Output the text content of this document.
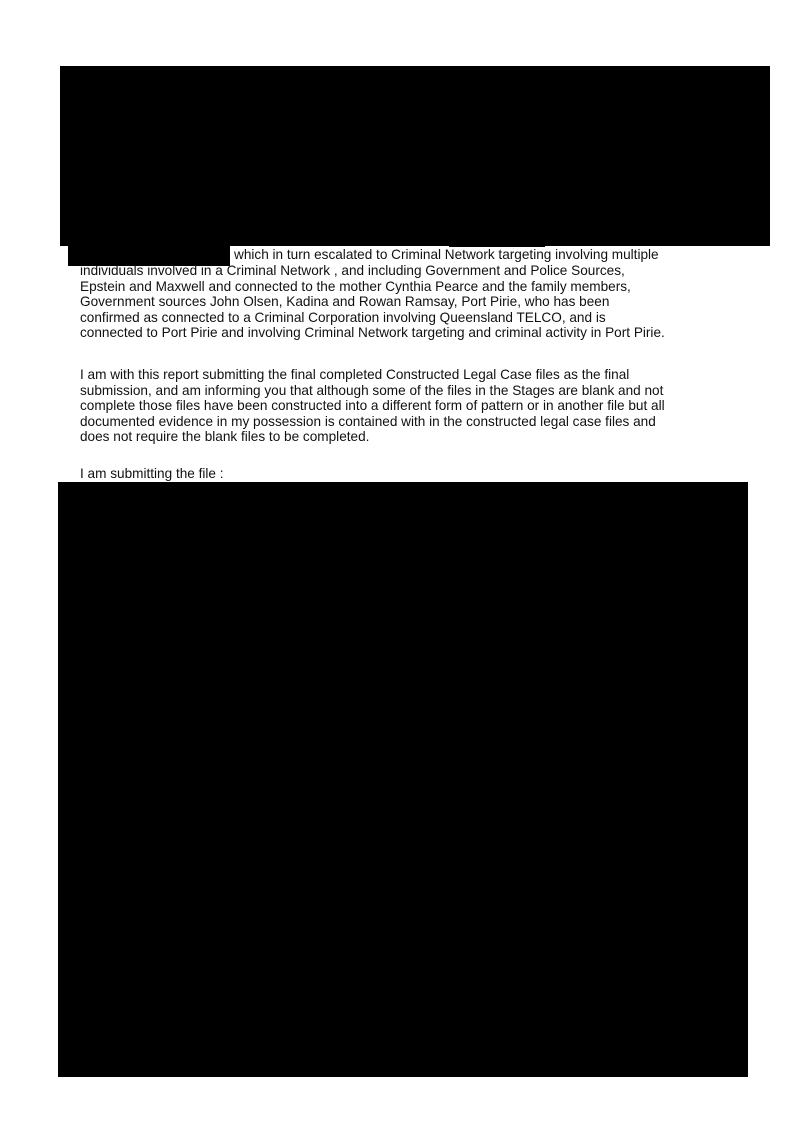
which in turn escalated to Criminal Network targeting involving multiple
individuals involved in a Criminal Network , and including Government and Police Sources,
Epstein and Maxwell and connected to the mother Cynthia Pearce and the family members,
Government sources John Olsen, Kadina and Rowan Ramsay, Port Pirie, who has been
confirmed as connected to a Criminal Corporation involving Queensland TELCO, and is
connected to Port Pirie and involving Criminal Network targeting and criminal activity in Port Pirie.
I am with this report submitting the final completed Constructed Legal Case files as the final
submission, and am informing you that although some of the files in the Stages are blank and not
complete those files have been constructed into a different form of pattern or in another file but all
documented evidence in my possession is contained with in the constructed legal case files and
does not require the blank files to be completed.
I am submitting the file :
